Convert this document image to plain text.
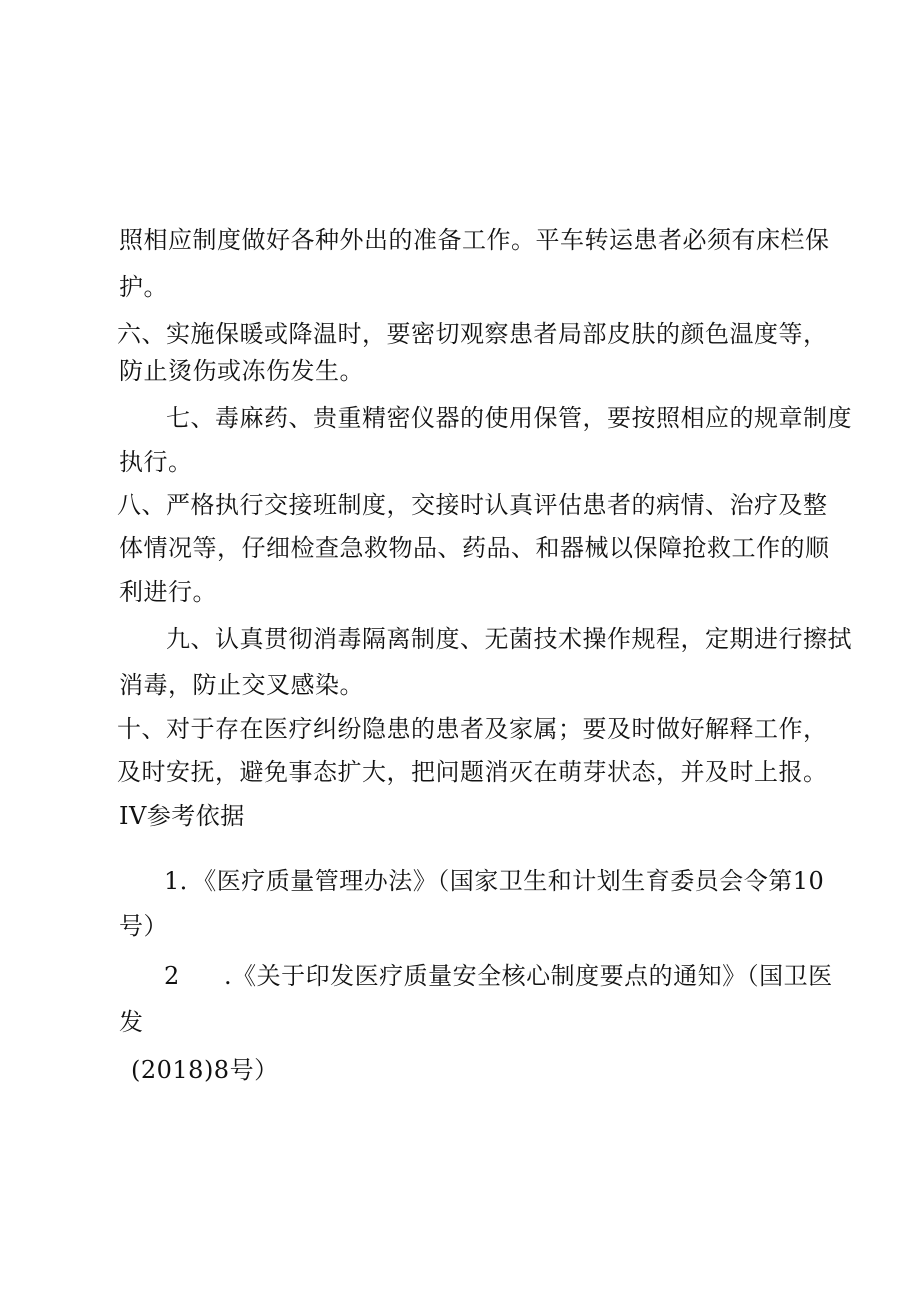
照相应制度做好各种外出的准备工作。平车转运患者必须有床栏保
护。
六、实施保暖或降温时，要密切观察患者局部皮肤的颜色温度等，
防止烫伤或冻伤发生。
七、毒麻药、贵重精密仪器的使用保管，要按照相应的规章制度
执行。
八、严格执行交接班制度，交接时认真评估患者的病情、治疗及整
体情况等，仔细检查急救物品、药品、和器械以保障抢救工作的顺
利进行。
九、认真贯彻消毒隔离制度、无菌技术操作规程，定期进行擦拭
消毒，防止交叉感染。
十、对于存在医疗纠纷隐患的患者及家属；要及时做好解释工作，
及时安抚，避免事态扩大，把问题消灭在萌芽状态，并及时上报。
IV参考依据
1．《医疗质量管理办法》（国家卫生和计划生育委员会令第10
号）
2 .《关于印发医疗质量安全核心制度要点的通知》（国卫医
发
(2018)8号）
